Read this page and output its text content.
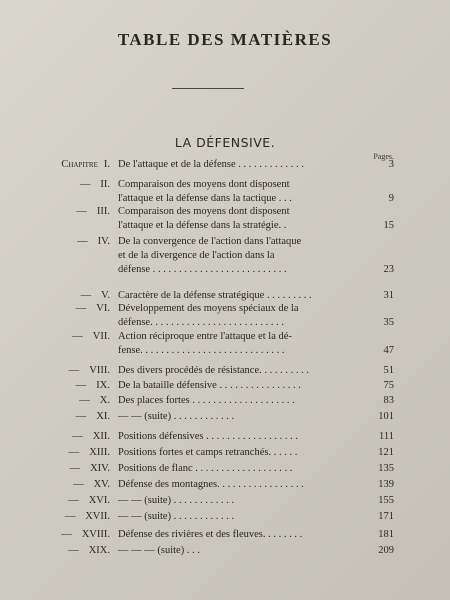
TABLE DES MATIÈRES
LA DÉFENSIVE.
Pages.
Chapitre I. De l'attaque et de la défense . . . . . . . . . . . . .	3
— II. Comparaison des moyens dont disposent
l'attaque et la défense dans la tactique . . .	9
— III. Comparaison des moyens dont disposent
l'attaque et la défense dans la stratégie. .	15
— IV. De la convergence de l'action dans l'attaque
et de la divergence de l'action dans la
défense . . . . . . . . . . . . . . . . . . . . . . . . . .	23
— V. Caractère de la défense stratégique . . . . . . . . .	31
— VI. Développement des moyens spéciaux de la
défense. . . . . . . . . . . . . . . . . . . . . . . . . .	35
— VII. Action réciproque entre l'attaque et la dé-
fense. . . . . . . . . . . . . . . . . . . . . . . . . . . .	47
— VIII. Des divers procédés de résistance. . . . . . . . . .	51
— IX. De la bataille défensive . . . . . . . . . . . . . . . .	75
— X. Des places fortes . . . . . . . . . . . . . . . . . . . .	83
— XI. — — (suite) . . . . . . . . . . . .	101
— XII. Positions défensives . . . . . . . . . . . . . . . . . .	111
— XIII. Positions fortes et camps retranchés. . . . . .	121
— XIV. Positions de flanc . . . . . . . . . . . . . . . . . . .	135
— XV. Défense des montagnes. . . . . . . . . . . . . . . . .	139
— XVI. — — (suite) . . . . . . . . . . . .	155
— XVII. — — (suite) . . . . . . . . . . . .	171
— XVIII. Défense des rivières et des fleuves. . . . . . . .	181
— XIX. — — — (suite) . . .	209
